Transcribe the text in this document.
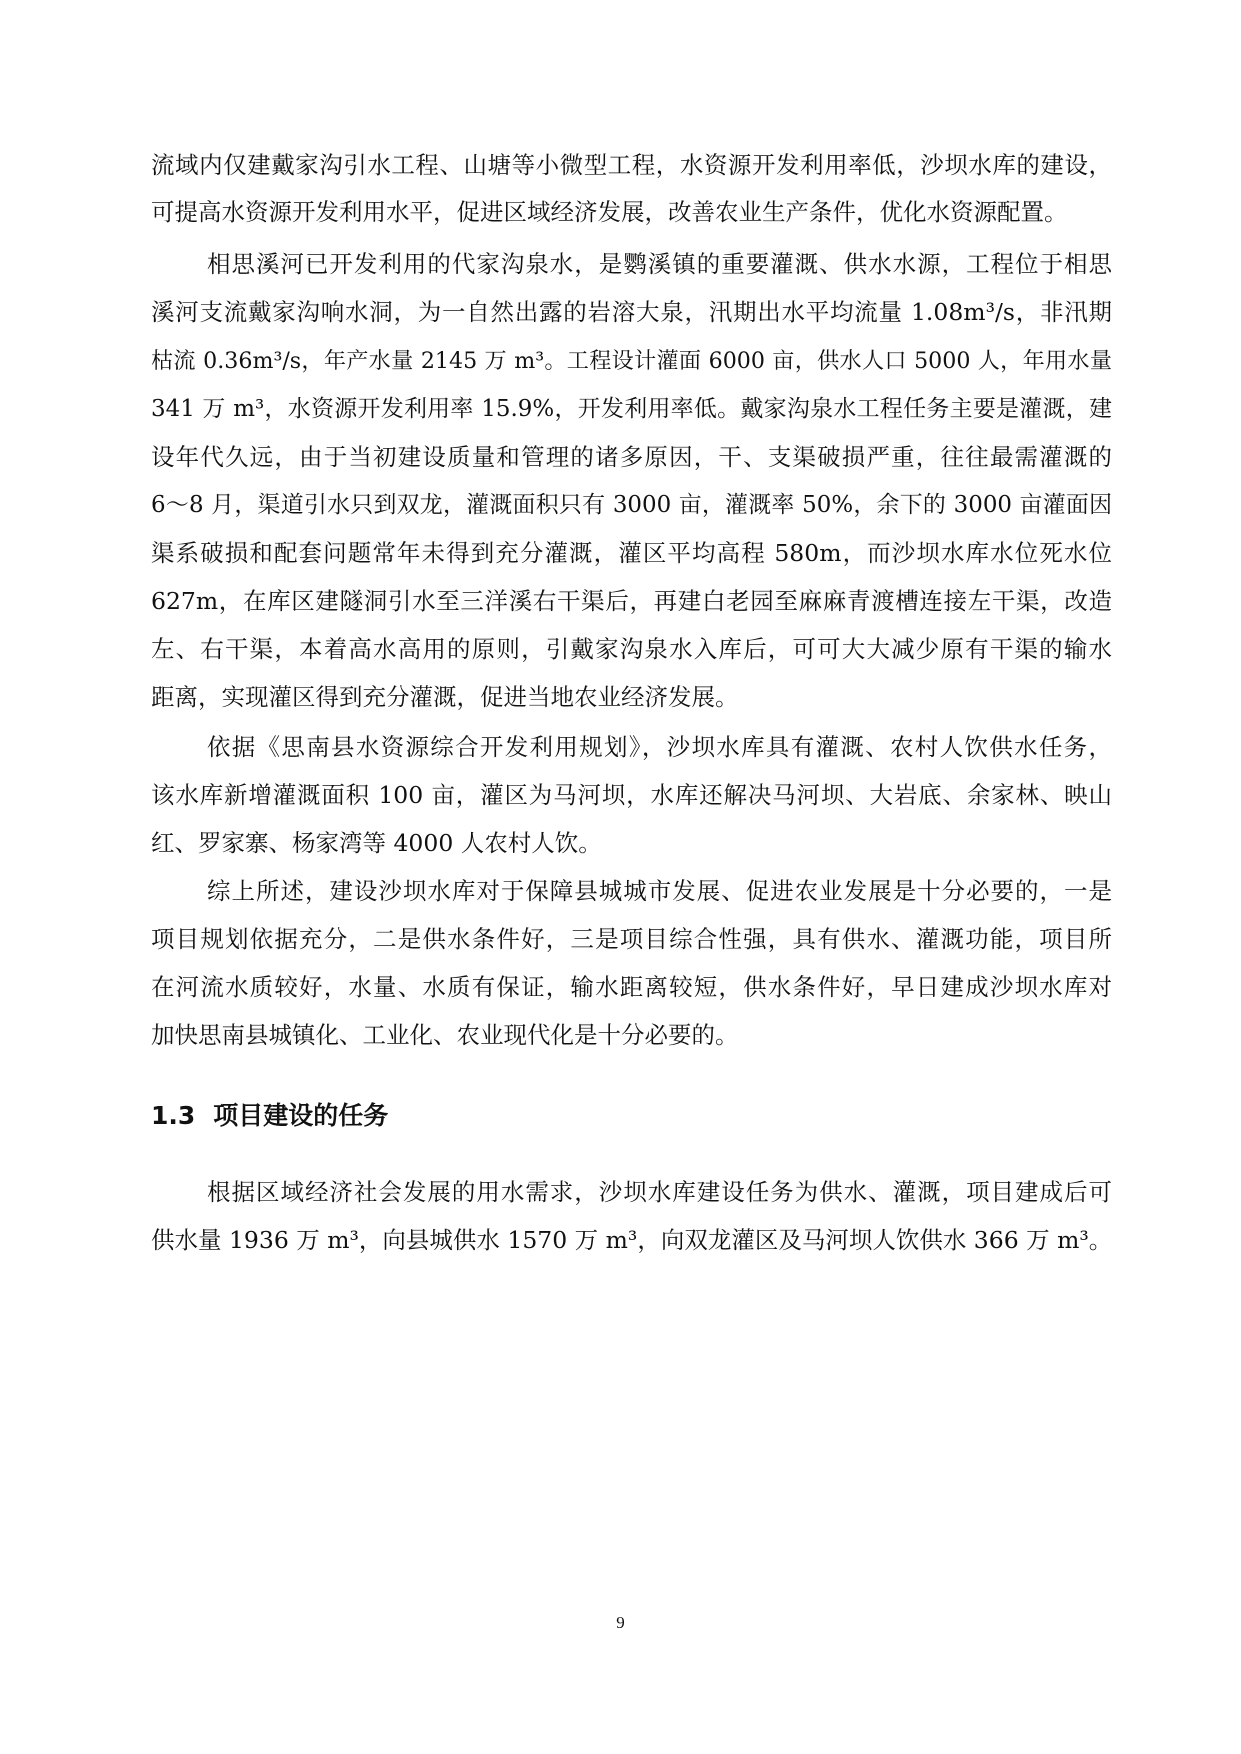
流域内仅建戴家沟引水工程、山塘等小微型工程，水资源开发利用率低，沙坝水库的建设，
可提高水资源开发利用水平，促进区域经济发展，改善农业生产条件，优化水资源配置。
相思溪河已开发利用的代家沟泉水，是鹦溪镇的重要灌溉、供水水源，工程位于相思
溪河支流戴家沟响水洞，为一自然出露的岩溶大泉，汛期出水平均流量 1.08m³/s，非汛期
枯流 0.36m³/s，年产水量 2145 万 m³。工程设计灌面 6000 亩，供水人口 5000 人，年用水量
341 万 m³，水资源开发利用率 15.9%，开发利用率低。戴家沟泉水工程任务主要是灌溉，建
设年代久远，由于当初建设质量和管理的诸多原因，干、支渠破损严重，往往最需灌溉的
6～8 月，渠道引水只到双龙，灌溉面积只有 3000 亩，灌溉率 50%，余下的 3000 亩灌面因
渠系破损和配套问题常年未得到充分灌溉，灌区平均高程 580m，而沙坝水库水位死水位
627m，在库区建隧洞引水至三洋溪右干渠后，再建白老园至麻麻青渡槽连接左干渠，改造
左、右干渠，本着高水高用的原则，引戴家沟泉水入库后，可可大大减少原有干渠的输水
距离，实现灌区得到充分灌溉，促进当地农业经济发展。
依据《思南县水资源综合开发利用规划》，沙坝水库具有灌溉、农村人饮供水任务，
该水库新增灌溉面积 100 亩，灌区为马河坝，水库还解决马河坝、大岩底、余家林、映山
红、罗家寨、杨家湾等 4000 人农村人饮。
综上所述，建设沙坝水库对于保障县城城市发展、促进农业发展是十分必要的，一是
项目规划依据充分，二是供水条件好，三是项目综合性强，具有供水、灌溉功能，项目所
在河流水质较好，水量、水质有保证，输水距离较短，供水条件好，早日建成沙坝水库对
加快思南县城镇化、工业化、农业现代化是十分必要的。
1.3 项目建设的任务
根据区域经济社会发展的用水需求，沙坝水库建设任务为供水、灌溉，项目建成后可
供水量 1936 万 m³，向县城供水 1570 万 m³，向双龙灌区及马河坝人饮供水 366 万 m³。
9
